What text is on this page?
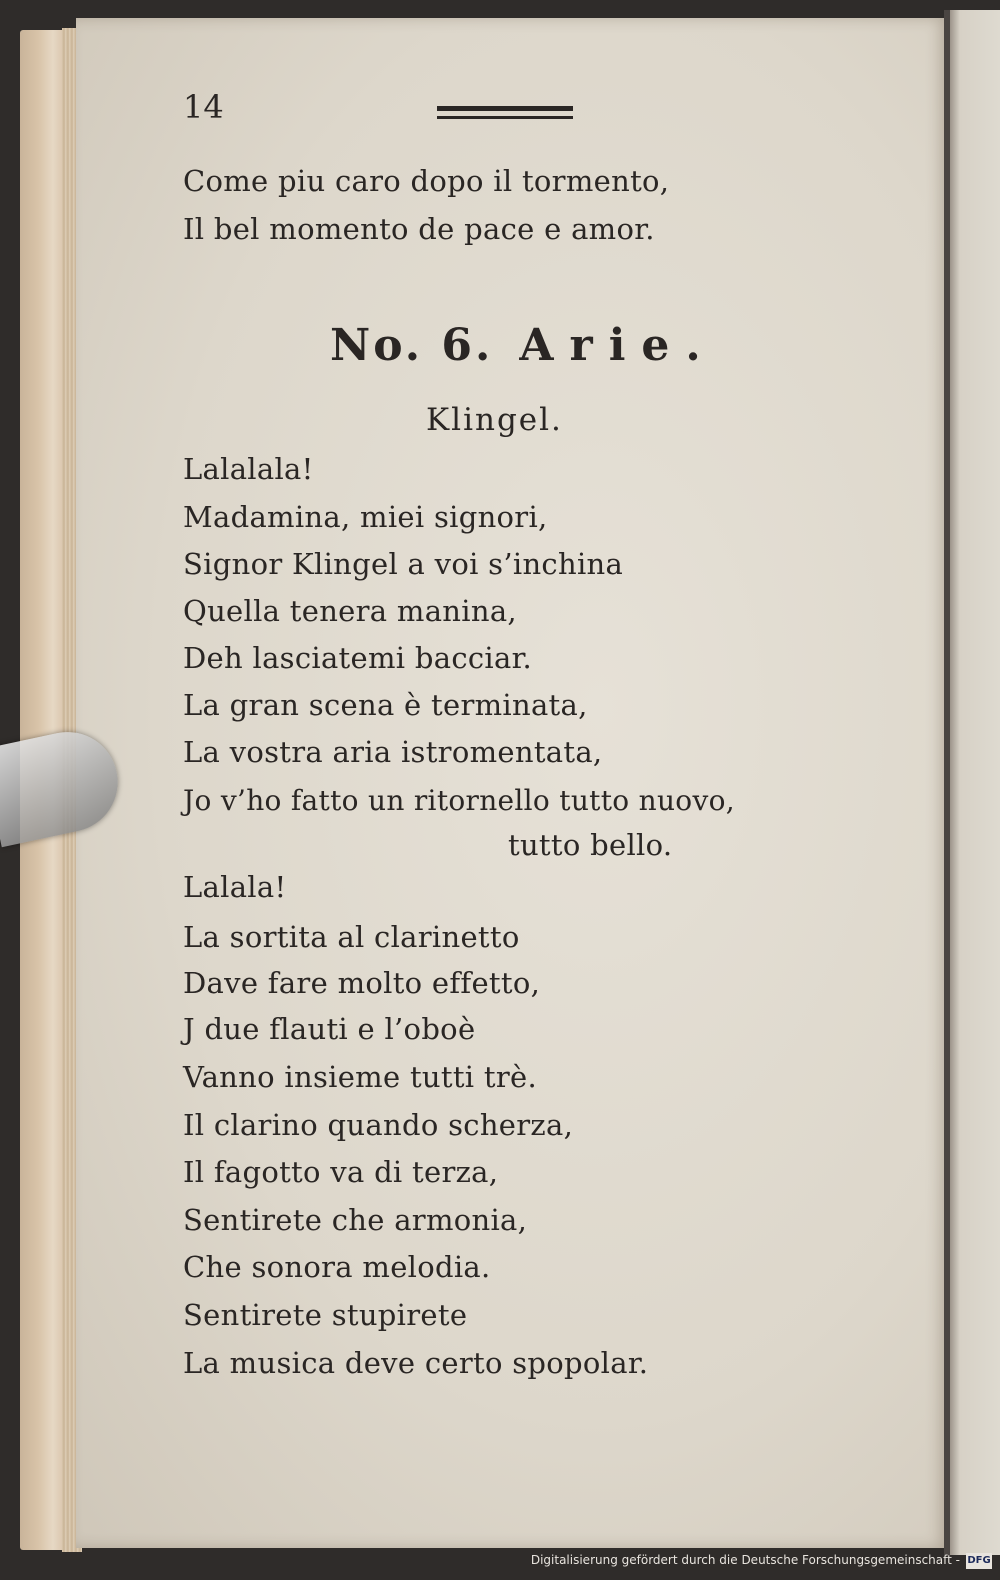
14
Come piu caro dopo il tormento,
Il bel momento de pace e amor.
No. 6. Arie.
Klingel.
Lalalala!
Madamina, miei signori,
Signor Klingel a voi s’inchina
Quella tenera manina,
Deh lasciatemi bacciar.
La gran scena è terminata,
La vostra aria istromentata,
Jo v’ho fatto un ritornello tutto nuovo,
tutto bello.
Lalala!
La sortita al clarinetto
Dave fare molto effetto,
J due flauti e l’oboè
Vanno insieme tutti trè.
Il clarino quando scherza,
Il fagotto va di terza,
Sentirete che armonia,
Che sonora melodia.
Sentirete stupirete
La musica deve certo spopolar.
Digitalisierung gefördert durch die Deutsche Forschungsgemeinschaft - DFG
